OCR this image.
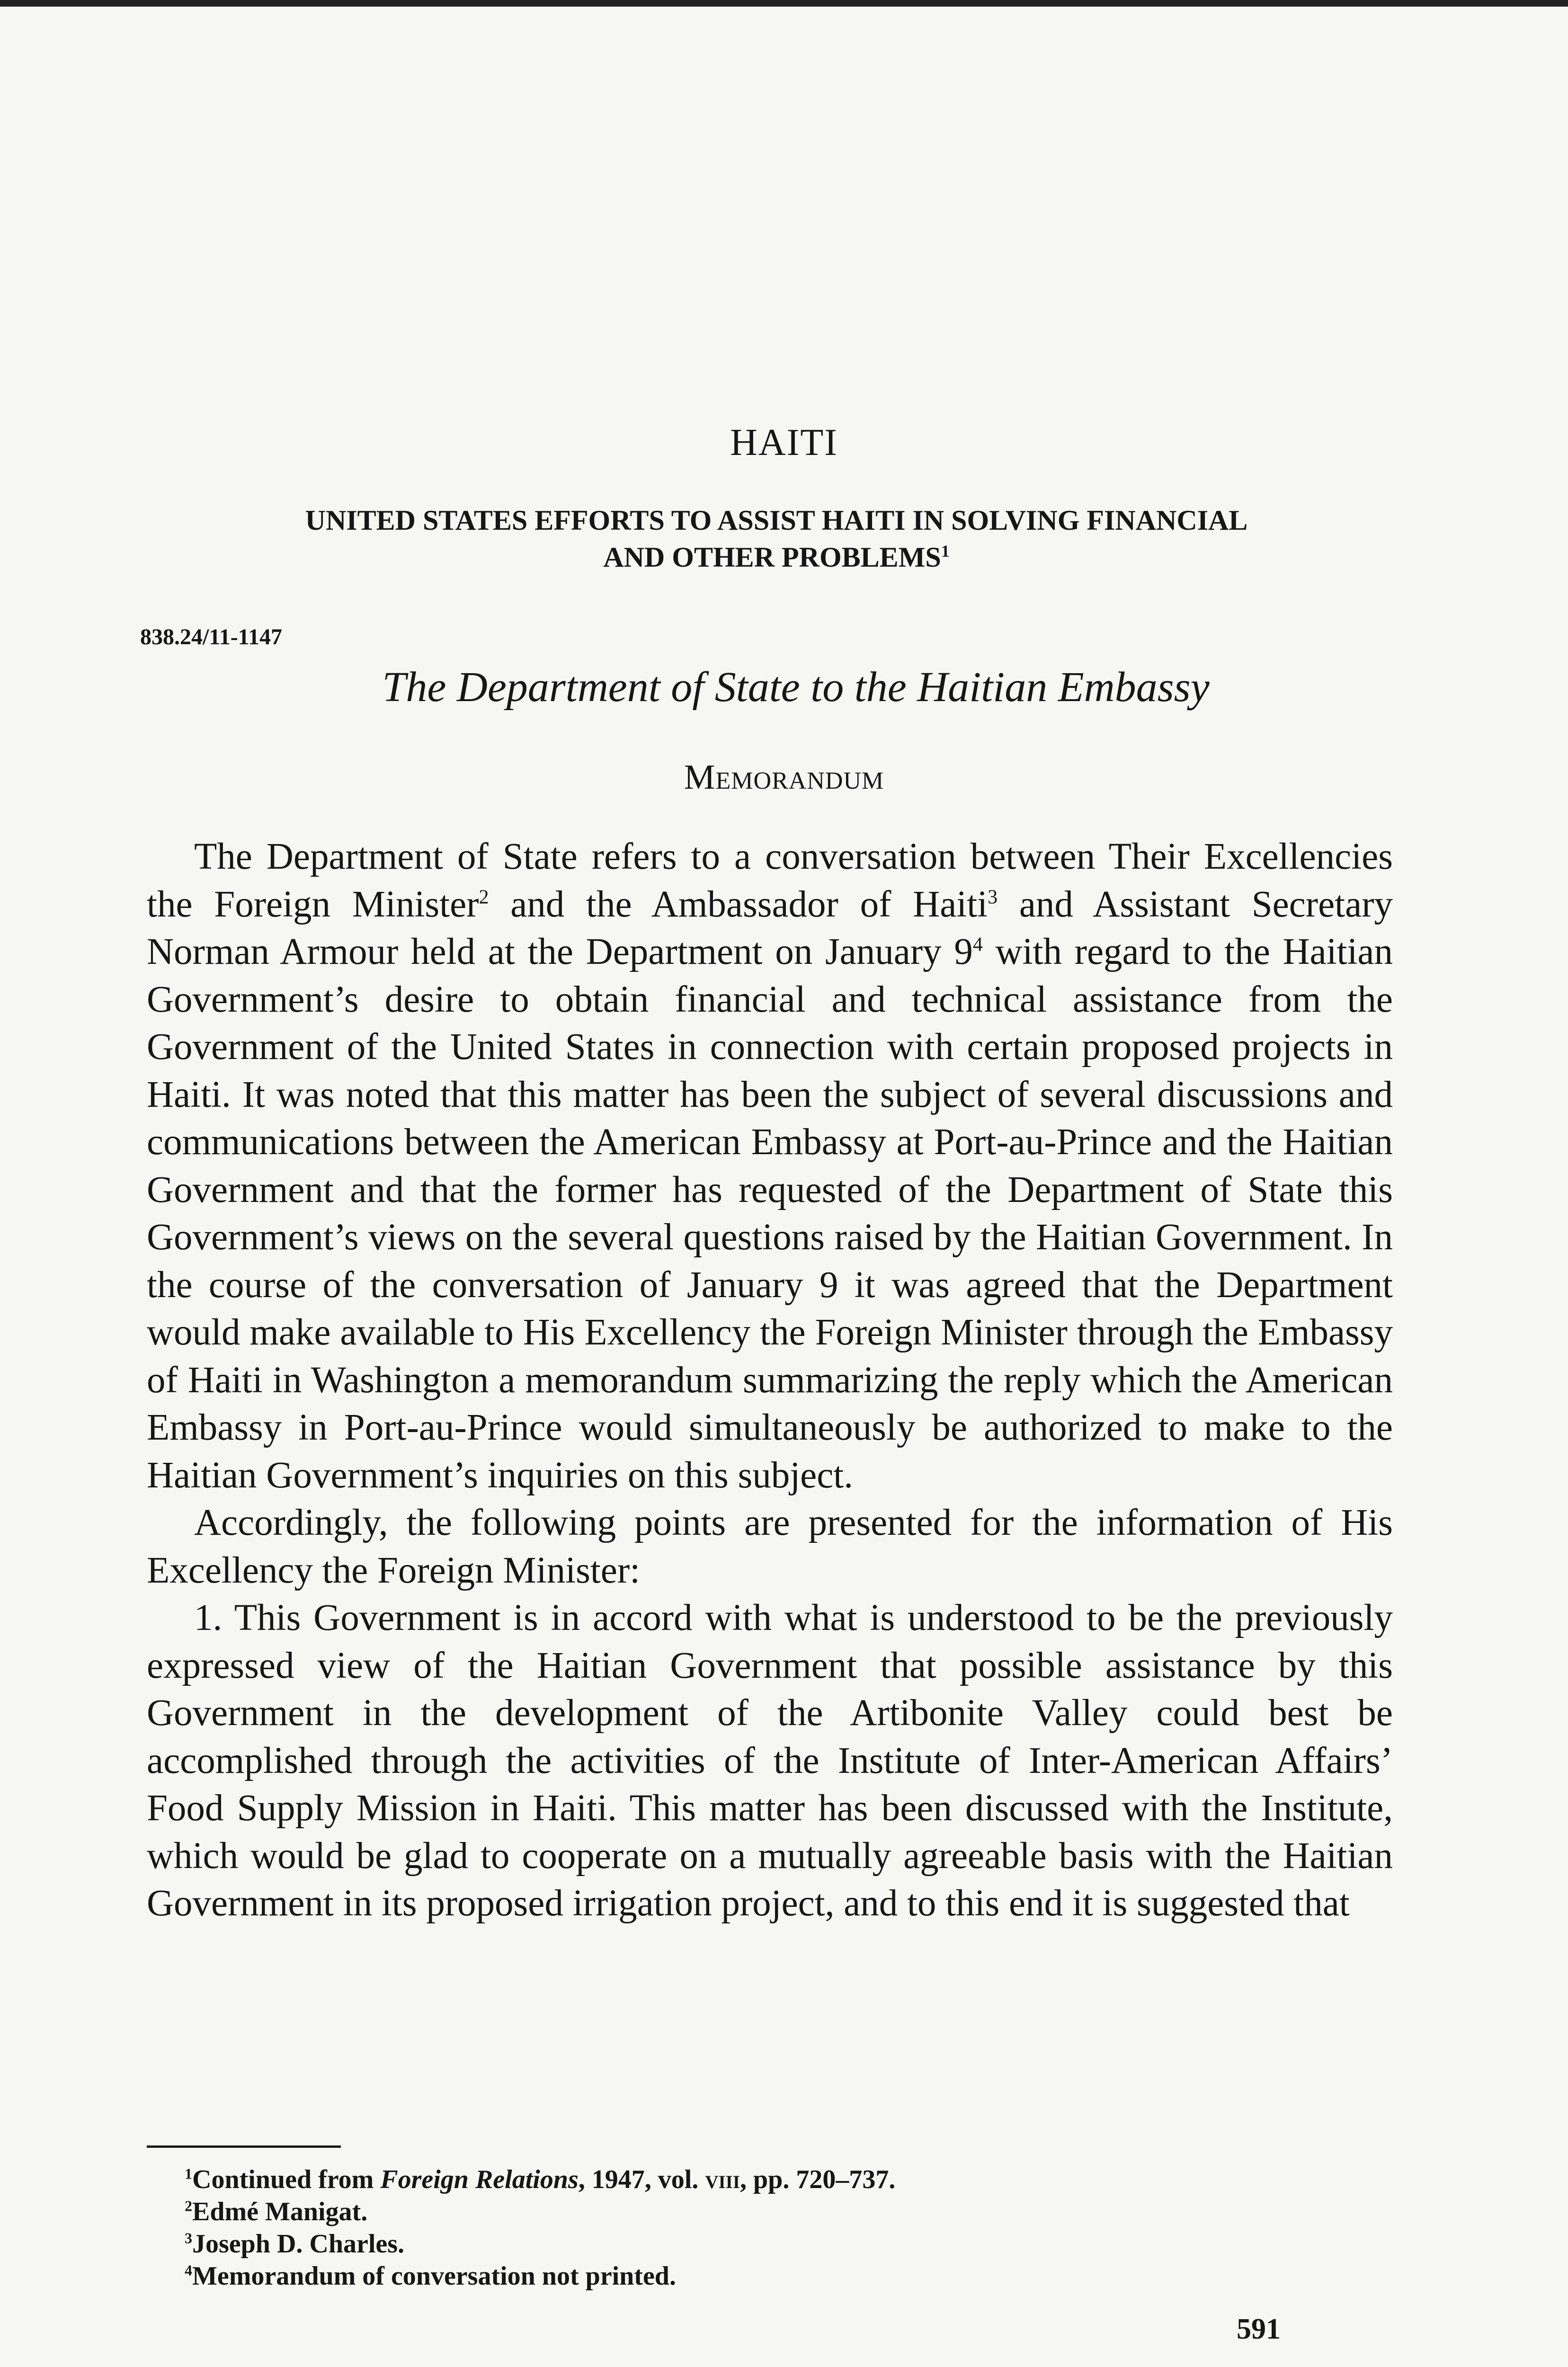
HAITI
UNITED STATES EFFORTS TO ASSIST HAITI IN SOLVING FINANCIAL
AND OTHER PROBLEMS$^1$
838.24/11-1147
The Department of State to the Haitian Embassy
Memorandum

The Department of State refers to a conversation between Their Excellencies the Foreign Minister$^2$ and the Ambassador of Haiti$^3$ and Assistant Secretary Norman Armour held at the Department on January $9^4$ with regard to the Haitian Government’s desire to obtain financial and technical assistance from the Government of the United States in connection with certain proposed projects in Haiti. It was noted that this matter has been the subject of several discussions and communications between the American Embassy at Port-au-Prince and the Haitian Government and that the former has requested of the Department of State this Government’s views on the several questions raised by the Haitian Government. In the course of the conversation of January 9 it was agreed that the Department would make available to His Excellency the Foreign Minister through the Embassy of Haiti in Washington a memorandum summarizing the reply which the American Embassy in Port-au-Prince would simultaneously be authorized to make to the Haitian Government’s inquiries on this subject.

Accordingly, the following points are presented for the information of His Excellency the Foreign Minister:

1. This Government is in accord with what is understood to be the previously expressed view of the Haitian Government that possible assistance by this Government in the development of the Artibonite Valley could best be accomplished through the activities of the Institute of Inter-American Affairs’ Food Supply Mission in Haiti. This matter has been discussed with the Institute, which would be glad to cooperate on a mutually agreeable basis with the Haitian Government in its proposed irrigation project, and to this end it is suggested that

$^1$Continued from Foreign Relations, 1947, vol. viii, pp. 720–737.
$^2$Edmé Manigat.
$^3$Joseph D. Charles.
$^4$Memorandum of conversation not printed.
591
